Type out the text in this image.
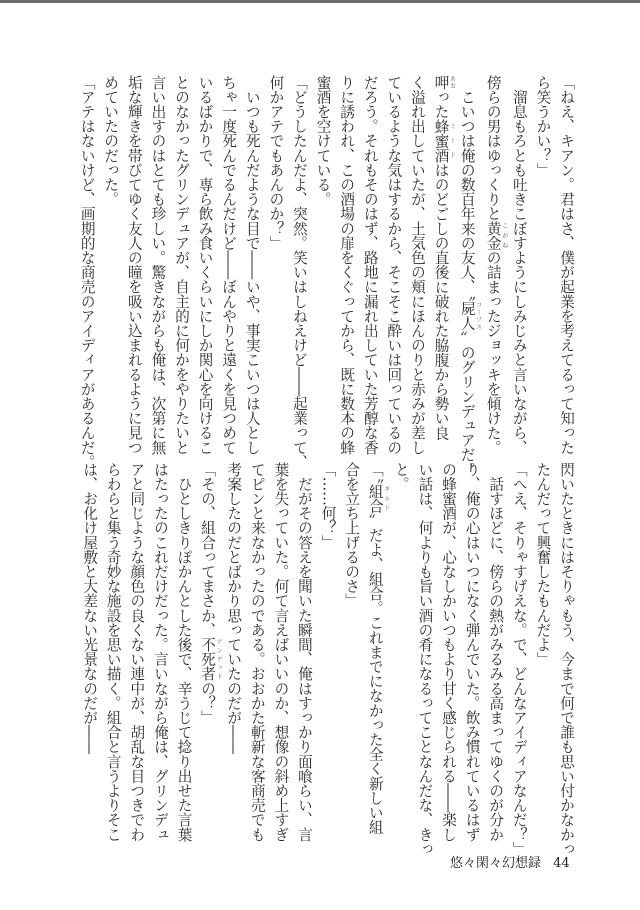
「ねえ、キアン。君はさ、僕が起業を考えてるって知った
ら笑うかい？」
　溜息もろとも吐きこぼすようにしみじみと言いながら、
傍らの男はゆっくりと黄金 こがねの詰まったジョッキを傾けた。
　こいつは俺の数百年来の友人、〝屍人 コープス〟のグリンデュアだ。
呷 あおった蜂蜜酒 ミードはのどごしの直後に破れた脇腹から勢い良
く溢れ出していたが、土気色の頬にほんのりと赤みが差し
ているような気はするから、そこそこ酔いは回っているの
だろう。それもそのはず、路地に漏れ出していた芳醇な香
りに誘われ、この酒場の扉をくぐってから、既に数本の蜂
蜜酒を空けている。
「どうしたんだよ、突然。笑いはしねえけど――起業って、
何かアテでもあんのか？」
　いつも死んだような目で――いや、事実こいつは人とし
ちゃ一度死んでるんだけど――ぼんやりと遠くを見つめて
いるばかりで、専ら飲み食いくらいにしか関心を向けるこ
とのなかったグリンデュアが、自主的に何かをやりたいと
言い出すのはとても珍しい。驚きながらも俺は、次第に無
垢な輝きを帯びてゆく友人の瞳を吸い込まれるように見つ
めていたのだった。
「アテはないけど、画期的な商売のアイディアがあるんだ。
閃いたときにはそりゃもう、今まで何で誰も思い付かなかっ
たんだって興奮したもんだよ」
「へえ、そりゃすげえな。で、どんなアイディアなんだ？」
　話すほどに、傍らの熱がみるみる高まってゆくのが分か
り、俺の心はいつになく弾んでいた。飲み慣れているはず
の蜂蜜酒が、心なしかいつもより甘く感じられる――楽し
い話は、何よりも旨い酒の肴になるってことなんだな、きっ
と。
「〝組合 ギルド〟だよ、組合。これまでになかった全く新しい組
合を立ち上げるのさ」
「……何？」
　だがその答えを聞いた瞬間、俺はすっかり面喰らい、言
葉を失っていた。何て言えばいいのか、想像の斜め上すぎ
てピンと来なかったのである。おおかた斬新な客商売でも
考案したのだとばかり思っていたのだが――
「その、組合ってまさか、不死者 アンデッドの？」
　ひとしきりぽかんとした後で、辛うじて捻り出せた言葉
はたったのこれだけだった。言いながら俺は、グリンデュ
アと同じような顔色の良くない連中が、胡乱な目つきでわ
らわらと集う奇妙な施設を思い描く。組合と言うよりそこ
は、お化け屋敷と大差ない光景なのだが――
悠々閑々幻想録 44
